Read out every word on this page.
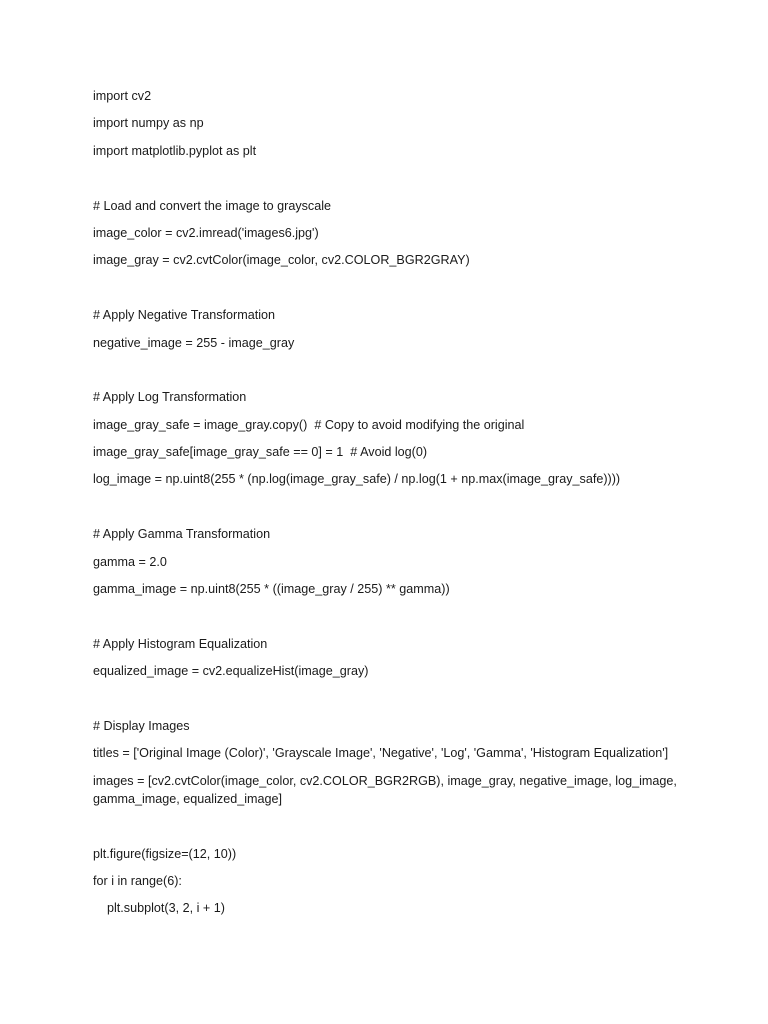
import cv2

import numpy as np

import matplotlib.pyplot as plt

# Load and convert the image to grayscale

image_color = cv2.imread('images6.jpg')

image_gray = cv2.cvtColor(image_color, cv2.COLOR_BGR2GRAY)

# Apply Negative Transformation

negative_image = 255 - image_gray

# Apply Log Transformation

image_gray_safe = image_gray.copy()  # Copy to avoid modifying the original

image_gray_safe[image_gray_safe == 0] = 1  # Avoid log(0)

log_image = np.uint8(255 * (np.log(image_gray_safe) / np.log(1 + np.max(image_gray_safe))))

# Apply Gamma Transformation

gamma = 2.0

gamma_image = np.uint8(255 * ((image_gray / 255) ** gamma))

# Apply Histogram Equalization

equalized_image = cv2.equalizeHist(image_gray)

# Display Images

titles = ['Original Image (Color)', 'Grayscale Image', 'Negative', 'Log', 'Gamma', 'Histogram Equalization']

images = [cv2.cvtColor(image_color, cv2.COLOR_BGR2RGB), image_gray, negative_image, log_image, gamma_image, equalized_image]

plt.figure(figsize=(12, 10))

for i in range(6):

plt.subplot(3, 2, i + 1)
